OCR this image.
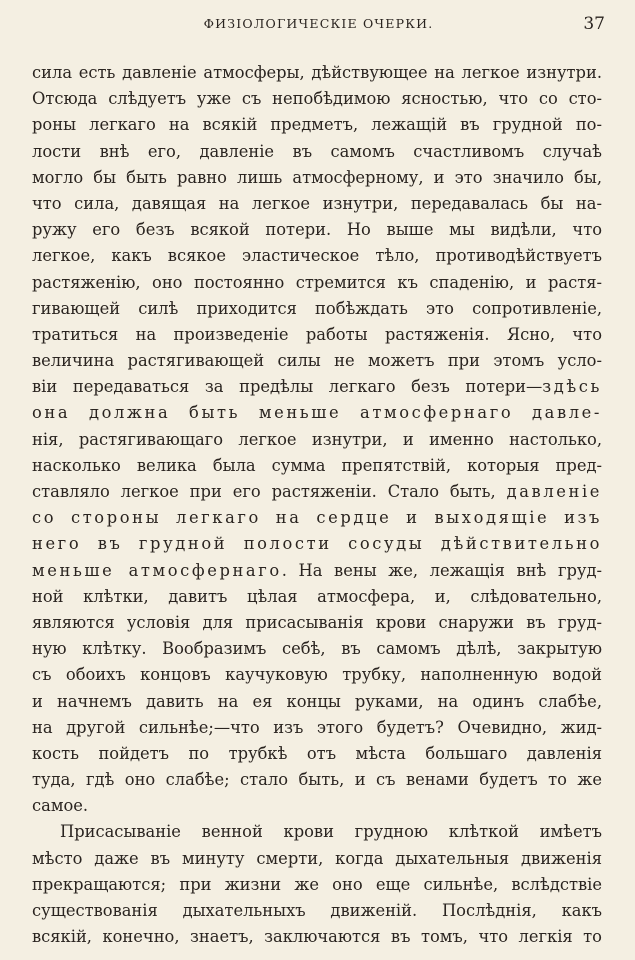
ФИЗІОЛОГИЧЕСКІЕ ОЧЕРКИ.	37
сила есть давленіе атмосферы, дѣйствующее на легкое изнутри.
Отсюда слѣдуетъ уже съ непобѣдимою ясностью, что со сто-
роны легкаго на всякій предметъ, лежащій въ грудной по-
лости внѣ его, давленіе въ самомъ счастливомъ случаѣ
могло бы быть равно лишь атмосферному, и это значило бы,
что сила, давящая на легкое изнутри, передавалась бы на-
ружу его безъ всякой потери. Но выше мы видѣли, что
легкое, какъ всякое эластическое тѣло, противодѣйствуетъ
растяженію, оно постоянно стремится къ спаденію, и растя-
гивающей силѣ приходится побѣждать это сопротивленіе,
тратиться на произведеніе работы растяженія. Ясно, что
величина растягивающей силы не можетъ при этомъ усло-
віи передаваться за предѣлы легкаго безъ потери—здѣсь
она должна быть меньше атмосфернаго давле-
нія, растягивающаго легкое изнутри, и именно настолько,
насколько велика была сумма препятствій, которыя пред-
ставляло легкое при его растяженіи. Стало быть, давленіе
со стороны легкаго на сердце и выходящіе изъ
него въ грудной полости сосуды дѣйствительно
меньше атмосфернаго. На вены же, лежащія внѣ груд-
ной клѣтки, давитъ цѣлая атмосфера, и, слѣдовательно,
являются условія для присасыванія крови снаружи въ груд-
ную клѣтку. Вообразимъ себѣ, въ самомъ дѣлѣ, закрытую
съ обоихъ концовъ каучуковую трубку, наполненную водой
и начнемъ давить на ея концы руками, на одинъ слабѣе,
на другой сильнѣе;—что изъ этого будетъ? Очевидно, жид-
кость пойдетъ по трубкѣ отъ мѣста большаго давленія
туда, гдѣ оно слабѣе; стало быть, и съ венами будетъ то же
самое.
Присасываніе венной крови грудною клѣткой имѣетъ
мѣсто даже въ минуту смерти, когда дыхательныя движенія
прекращаются; при жизни же оно еще сильнѣе, вслѣдствіе
существованія дыхательныхъ движеній. Послѣднія, какъ
всякій, конечно, знаетъ, заключаются въ томъ, что легкія то
